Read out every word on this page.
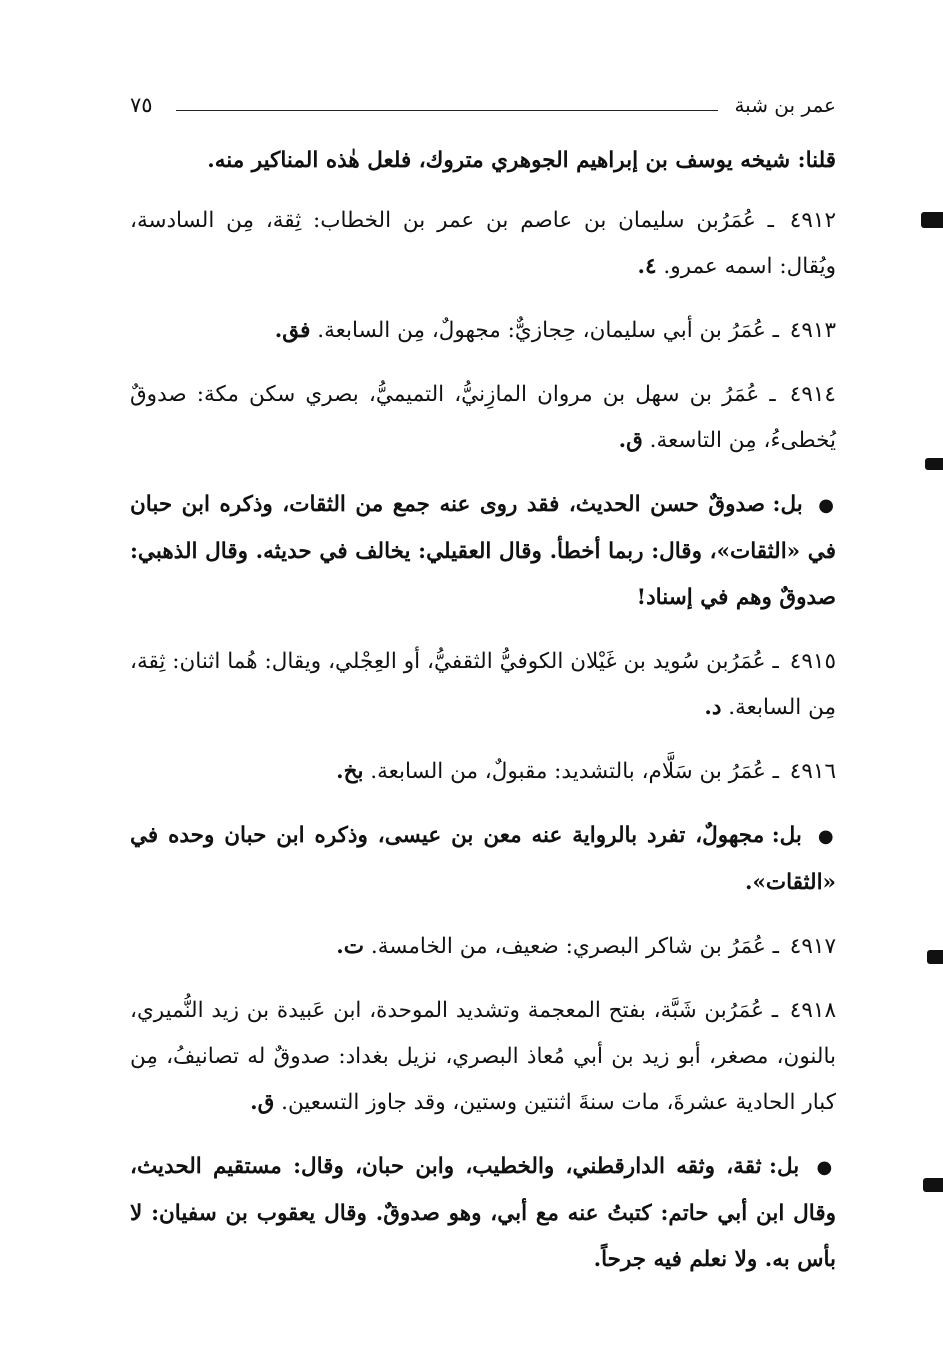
عمر بن شبة
٧٥

قلنا: شيخه يوسف بن إبراهيم الجوهري متروك، فلعل هٰذه المناكير منه.

٤٩١٢ ـ عُمَرُبن سليمان بن عاصم بن عمر بن الخطاب: ثِقة، مِن السادسة، ويُقال: اسمه عمرو. ٤.

٤٩١٣ ـ عُمَرُ بن أبي سليمان، حِجازيٌّ: مجهولٌ، مِن السابعة. فق.

٤٩١٤ ـ عُمَرُ بن سهل بن مروان المازِنيُّ، التميميُّ، بصري سكن مكة: صدوقٌ يُخطىءُ، مِن التاسعة. ق.

● بل: صدوقٌ حسن الحديث، فقد روى عنه جمع من الثقات، وذكره ابن حبان في «الثقات»، وقال: ربما أخطأ. وقال العقيلي: يخالف في حديثه. وقال الذهبي: صدوقٌ وهم في إسناد!

٤٩١٥ ـ عُمَرُبن سُويد بن غَيْلان الكوفيُّ الثقفيُّ، أو العِجْلي، ويقال: هُما اثنان: ثِقة، مِن السابعة. د.

٤٩١٦ ـ عُمَرُ بن سَلَّام، بالتشديد: مقبولٌ، من السابعة. بخ.

● بل: مجهولٌ، تفرد بالرواية عنه معن بن عيسى، وذكره ابن حبان وحده في «الثقات».

٤٩١٧ ـ عُمَرُ بن شاكر البصري: ضعيف، من الخامسة. ت.

٤٩١٨ ـ عُمَرُبن شَبَّة، بفتح المعجمة وتشديد الموحدة، ابن عَبيدة بن زيد النُّميري، بالنون، مصغر، أبو زيد بن أبي مُعاذ البصري، نزيل بغداد: صدوقٌ له تصانيفُ، مِن كبار الحادية عشرةَ، مات سنةَ اثنتين وستين، وقد جاوز التسعين. ق.

● بل: ثقة، وثقه الدارقطني، والخطيب، وابن حبان، وقال: مستقيم الحديث، وقال ابن أبي حاتم: كتبتُ عنه مع أبي، وهو صدوقٌ. وقال يعقوب بن سفيان: لا بأس به. ولا نعلم فيه جرحاً.
